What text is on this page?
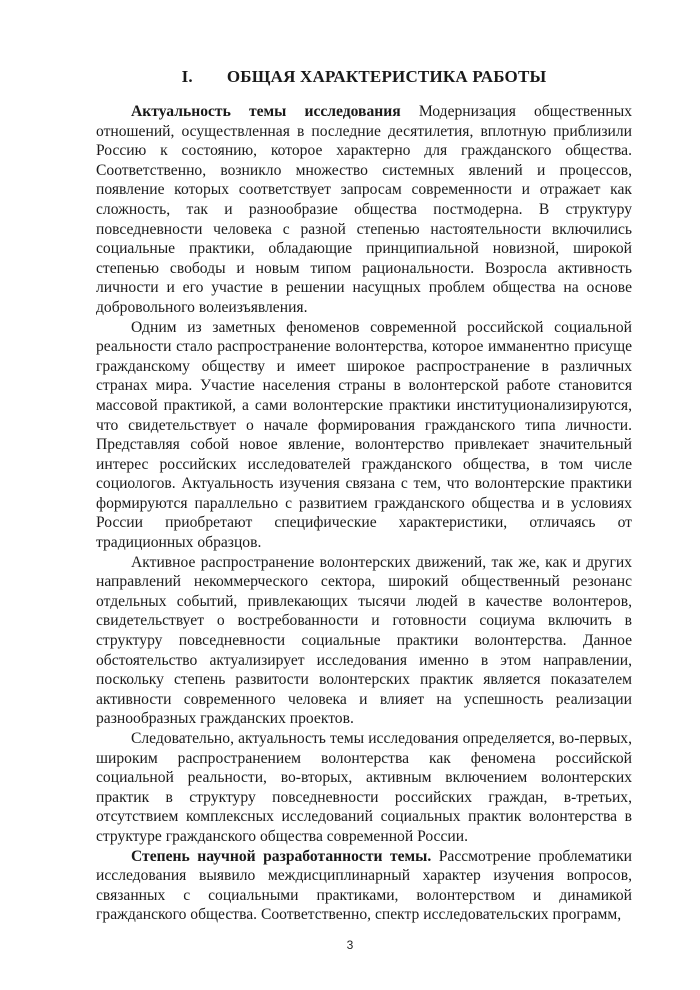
I. ОБЩАЯ ХАРАКТЕРИСТИКА РАБОТЫ

Актуальность темы исследования Модернизация общественных отношений, осуществленная в последние десятилетия, вплотную приблизили Россию к состоянию, которое характерно для гражданского общества. Соответственно, возникло множество системных явлений и процессов, появление которых соответствует запросам современности и отражает как сложность, так и разнообразие общества постмодерна. В структуру повседневности человека с разной степенью настоятельности включились социальные практики, обладающие принципиальной новизной, широкой степенью свободы и новым типом рациональности. Возросла активность личности и его участие в решении насущных проблем общества на основе добровольного волеизъявления.

Одним из заметных феноменов современной российской социальной реальности стало распространение волонтерства, которое имманентно присуще гражданскому обществу и имеет широкое распространение в различных странах мира. Участие населения страны в волонтерской работе становится массовой практикой, а сами волонтерские практики институционализируются, что свидетельствует о начале формирования гражданского типа личности. Представляя собой новое явление, волонтерство привлекает значительный интерес российских исследователей гражданского общества, в том числе социологов. Актуальность изучения связана с тем, что волонтерские практики формируются параллельно с развитием гражданского общества и в условиях России приобретают специфические характеристики, отличаясь от традиционных образцов.

Активное распространение волонтерских движений, так же, как и других направлений некоммерческого сектора, широкий общественный резонанс отдельных событий, привлекающих тысячи людей в качестве волонтеров, свидетельствует о востребованности и готовности социума включить в структуру повседневности социальные практики волонтерства. Данное обстоятельство актуализирует исследования именно в этом направлении, поскольку степень развитости волонтерских практик является показателем активности современного человека и влияет на успешность реализации разнообразных гражданских проектов.

Следовательно, актуальность темы исследования определяется, во-первых, широким распространением волонтерства как феномена российской социальной реальности, во-вторых, активным включением волонтерских практик в структуру повседневности российских граждан, в-третьих, отсутствием комплексных исследований социальных практик волонтерства в структуре гражданского общества современной России.

Степень научной разработанности темы. Рассмотрение проблематики исследования выявило междисциплинарный характер изучения вопросов, связанных с социальными практиками, волонтерством и динамикой гражданского общества. Соответственно, спектр исследовательских программ,

3
